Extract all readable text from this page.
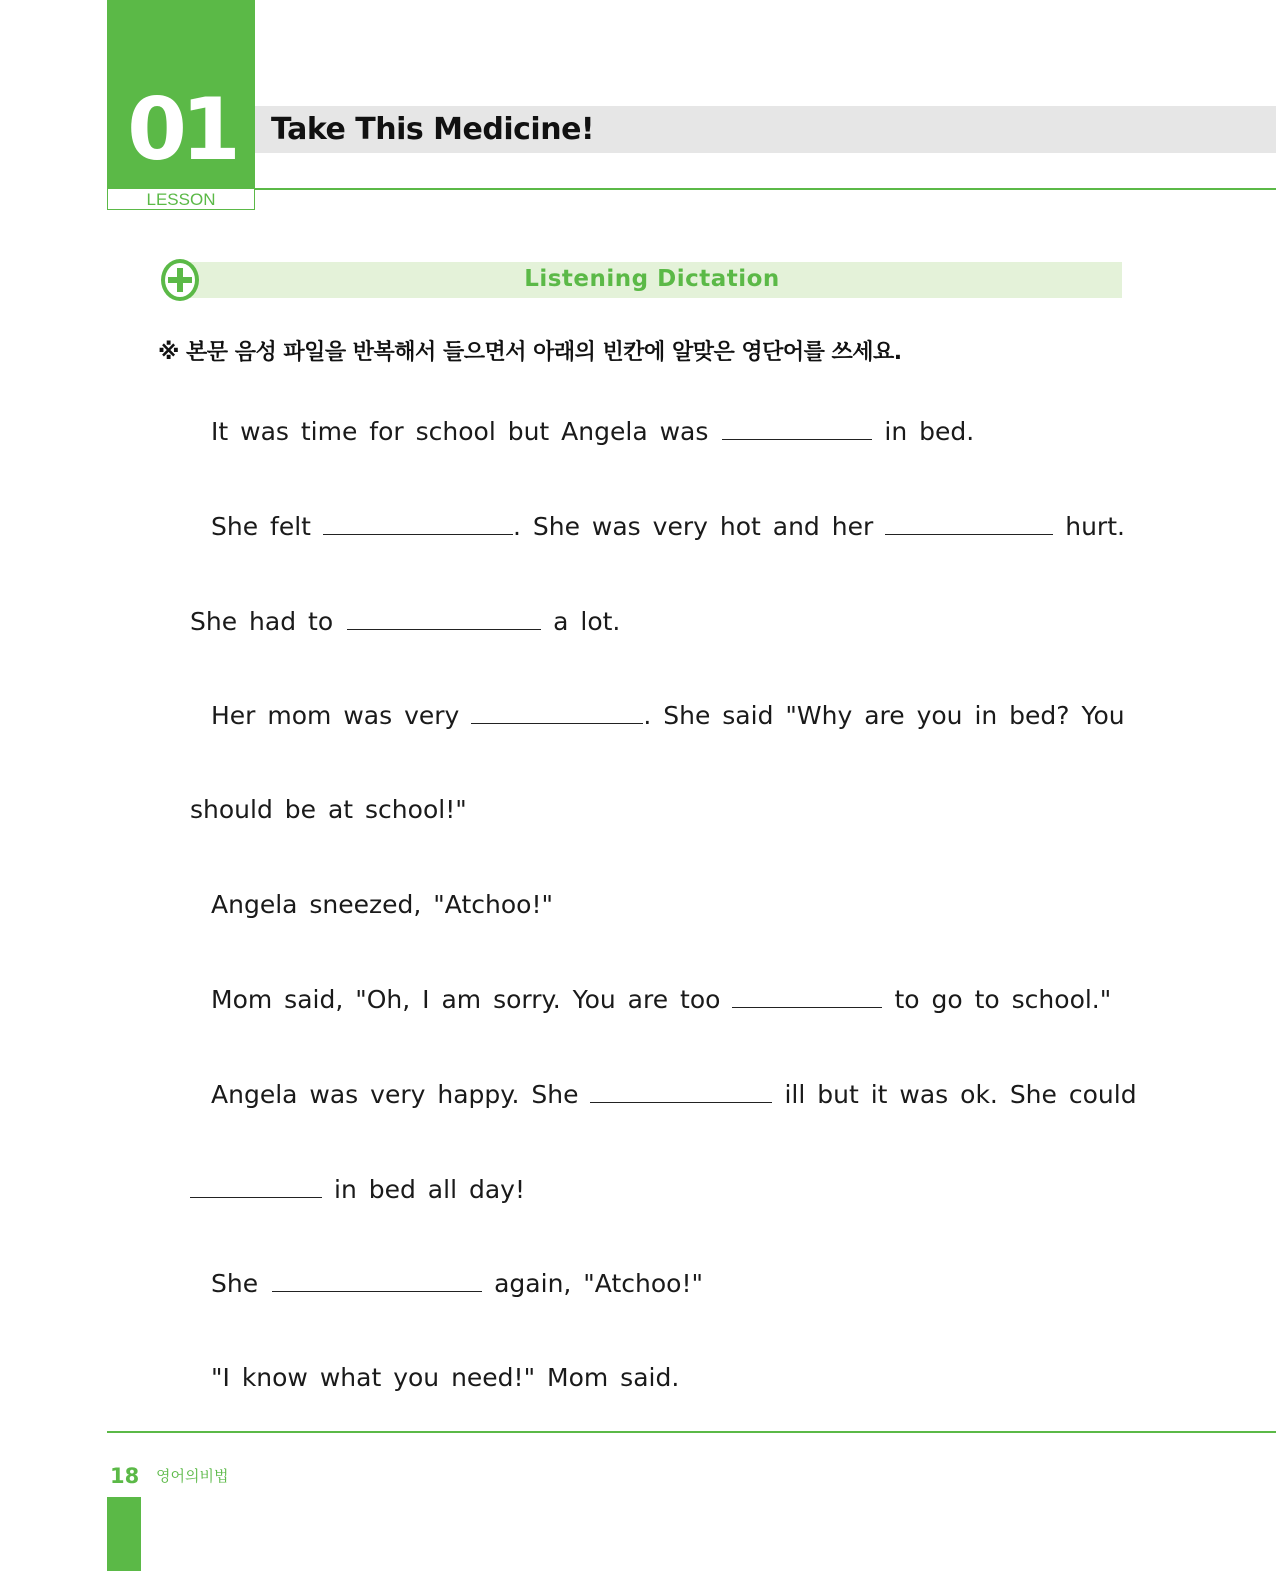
01
LESSON
Take This Medicine!
Listening Dictation
※ 본문 음성 파일을 반복해서 들으면서 아래의 빈칸에 알맞은 영단어를 쓰세요.
It was time for school but Angela was	in bed.
She felt	. She was very hot and her	hurt.
She had to	a lot.
Her mom was very	. She said "Why are you in bed? You
should be at school!"
Angela sneezed, "Atchoo!"
Mom said, "Oh, I am sorry. You are too	to go to school."
Angela was very happy. She	ill but it was ok. She could
in bed all day!
She	again, "Atchoo!"
"I know what you need!" Mom said.
18 영어의비법
